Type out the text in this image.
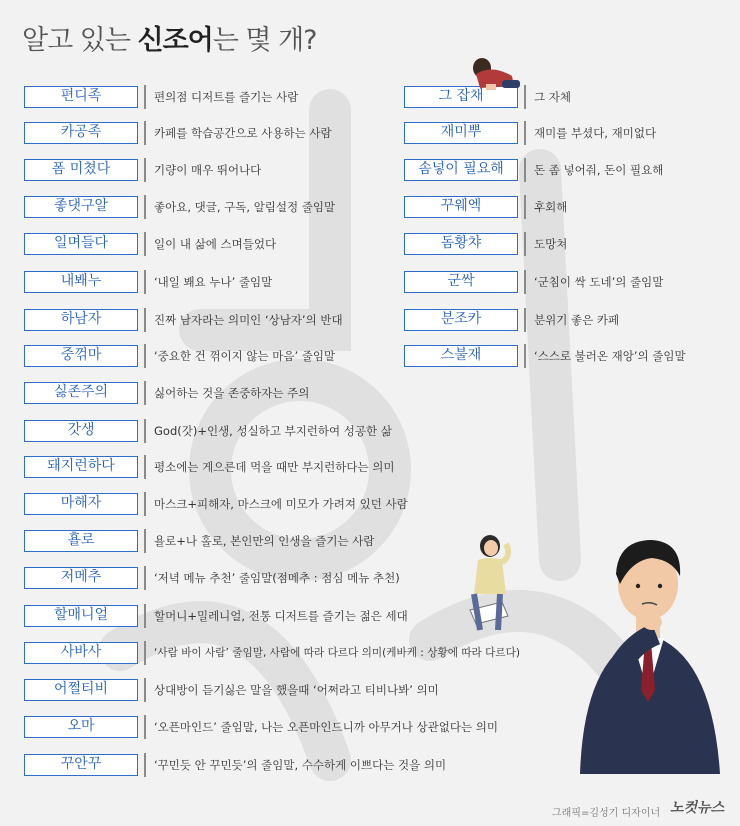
알고 있는 신조어는 몇 개?
편디족	편의점 디저트를 즐기는 사람
카공족	카페를 학습공간으로 사용하는 사람
폼 미쳤다	기량이 매우 뛰어나다
좋댓구알	좋아요, 댓글, 구독, 알림설정 줄임말
일며들다	일이 내 삶에 스며들었다
내봬누	‘내일 봬요 누나’ 줄임말
하남자	진짜 남자라는 의미인 ‘상남자’의 반대
중꺾마	‘중요한 건 꺾이지 않는 마음’ 줄임말
싫존주의	싫어하는 것을 존중하자는 주의
갓생	God(갓)+인생, 성실하고 부지런하여 성공한 삶
돼지런하다	평소에는 게으른데 먹을 때만 부지런하다는 의미
마해자	마스크+피해자, 마스크에 미모가 가려져 있던 사람
횰로	욜로+나 홀로, 본인만의 인생을 즐기는 사람
저메추	‘저녁 메뉴 추천’ 줄임말(점메추 : 점심 메뉴 추천)
할매니얼	할머니+밀레니얼, 전통 디저트를 즐기는 젊은 세대
사바사	‘사람 바이 사람’ 줄임말, 사람에 따라 다르다 의미(케바케 : 상황에 따라 다르다)
어쩔티비	상대방이 듣기싫은 말을 했을때 ‘어쩌라고 티비나봐’ 의미
오마	‘오픈마인드’ 줄임말, 나는 오픈마인드니까 아무거나 상관없다는 의미
꾸안꾸	‘꾸민듯 안 꾸민듯’의 줄임말, 수수하게 이쁘다는 것을 의미
그 잡채	그 자체
재미뿌	재미를 부셨다, 재미없다
솜넣이 필요해	돈 좀 넣어줘, 돈이 필요해
꾸웨엑	후회해
돔황챠	도망쳐
군싹	‘군침이 싹 도네’의 줄임말
분조카	분위기 좋은 카페
스불재	‘스스로 불러온 재앙’의 줄임말
그래픽=김성기 디자이너 노컷뉴스
